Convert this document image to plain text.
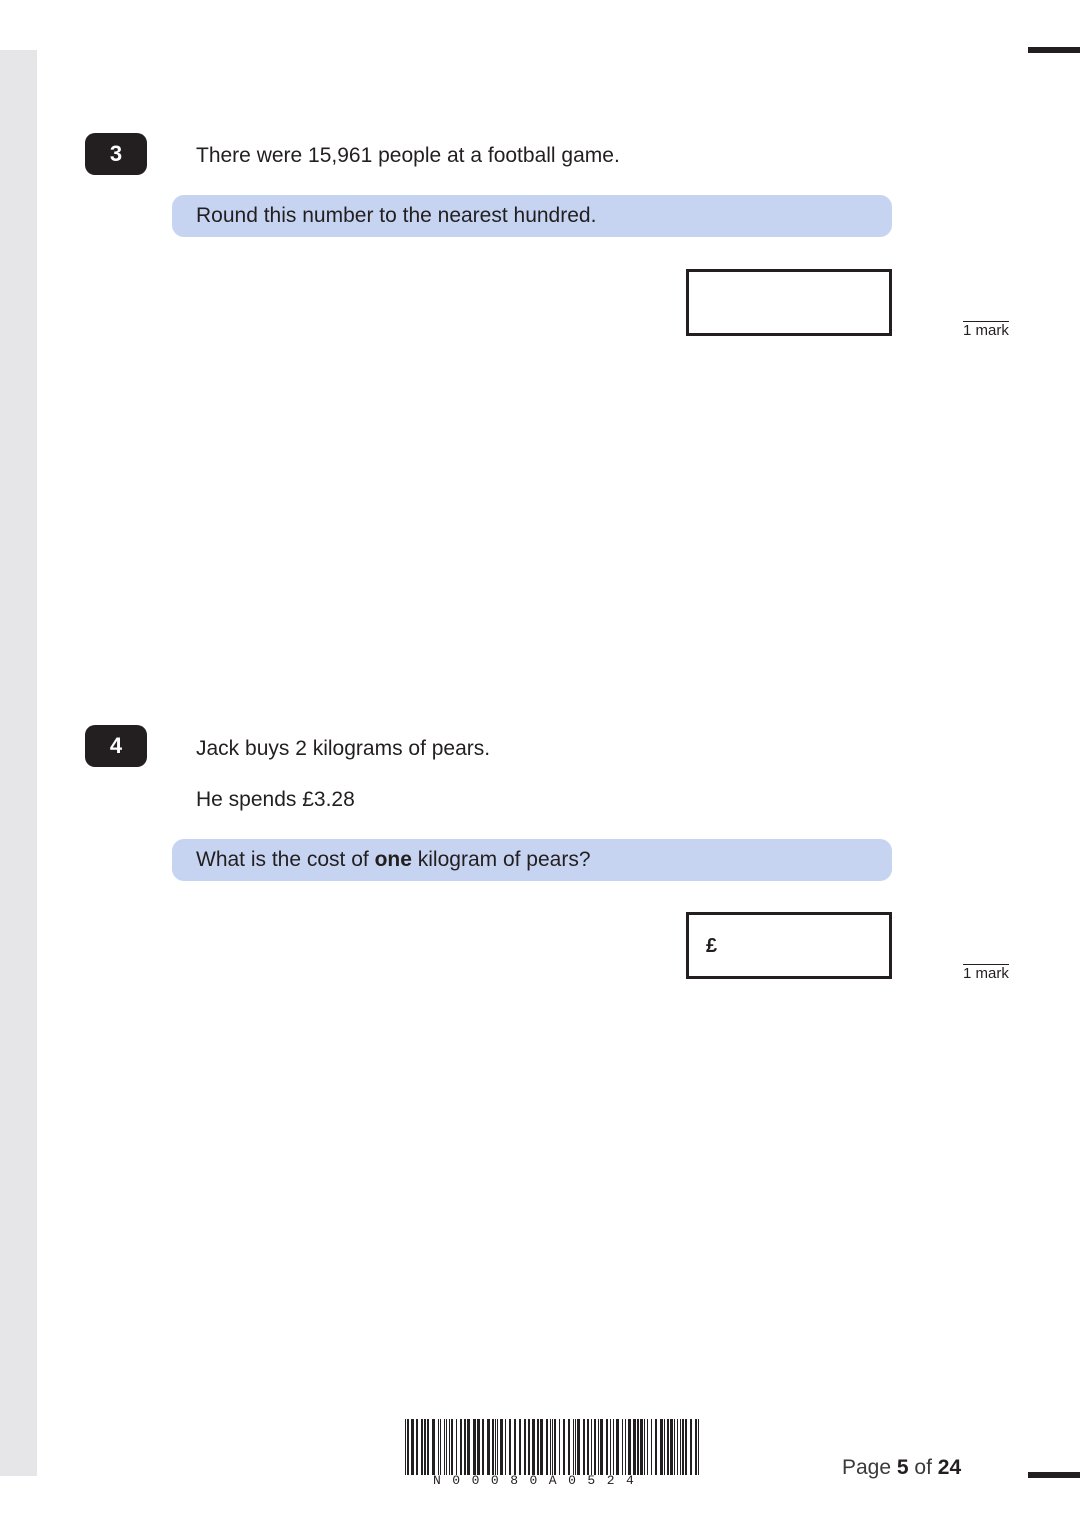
3	There were 15,961 people at a football game.
Round this number to the nearest hundred.
1 mark
4	Jack buys 2 kilograms of pears.
He spends £3.28
What is the cost of one kilogram of pears?
£
1 mark
N00080A0524
Page 5 of 24
